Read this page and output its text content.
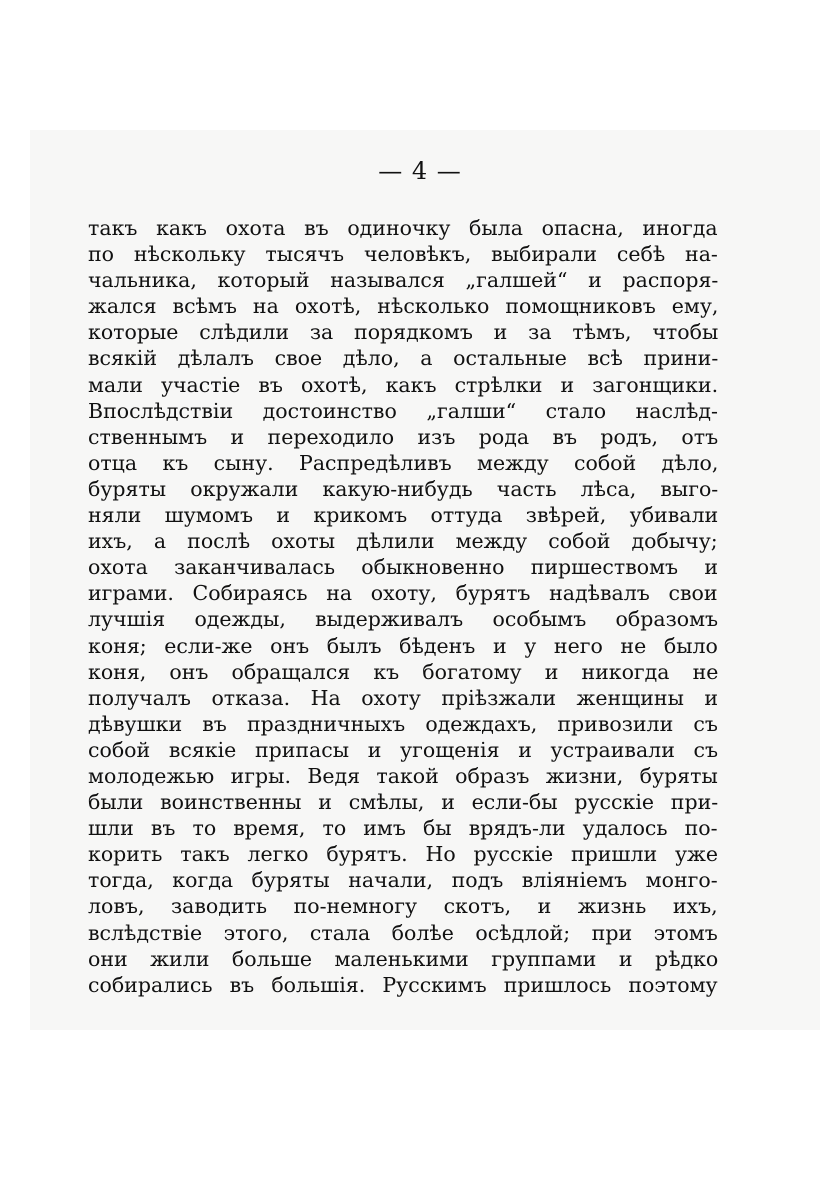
— 4 —
такъ какъ охота въ одиночку была опасна, иногда
по нѣскольку тысячъ человѣкъ, выбирали себѣ на-
чальника, который назывался „галшей“ и распоря-
жался всѣмъ на охотѣ, нѣсколько помощниковъ ему,
которые слѣдили за порядкомъ и за тѣмъ, чтобы
всякій дѣлалъ свое дѣло, а остальные всѣ прини-
мали участіе въ охотѣ, какъ стрѣлки и загонщики.
Впослѣдствіи достоинство „галши“ стало наслѣд-
ственнымъ и переходило изъ рода въ родъ, отъ
отца къ сыну. Распредѣливъ между собой дѣло,
буряты окружали какую-нибудь часть лѣса, выго-
няли шумомъ и крикомъ оттуда звѣрей, убивали
ихъ, а послѣ охоты дѣлили между собой добычу;
охота заканчивалась обыкновенно пиршествомъ и
играми. Собираясь на охоту, бурятъ надѣвалъ свои
лучшія одежды, выдерживалъ особымъ образомъ
коня; если-же онъ былъ бѣденъ и у него не было
коня, онъ обращался къ богатому и никогда не
получалъ отказа. На охоту пріѣзжали женщины и
дѣвушки въ праздничныхъ одеждахъ, привозили съ
собой всякіе припасы и угощенія и устраивали съ
молодежью игры. Ведя такой образъ жизни, буряты
были воинственны и смѣлы, и если-бы русскіе при-
шли въ то время, то имъ бы врядъ-ли удалось по-
корить такъ легко бурятъ. Но русскіе пришли уже
тогда, когда буряты начали, подъ вліяніемъ монго-
ловъ, заводить по-немногу скотъ, и жизнь ихъ,
вслѣдствіе этого, стала болѣе осѣдлой; при этомъ
они жили больше маленькими группами и рѣдко
собирались въ большія. Русскимъ пришлось поэтому
